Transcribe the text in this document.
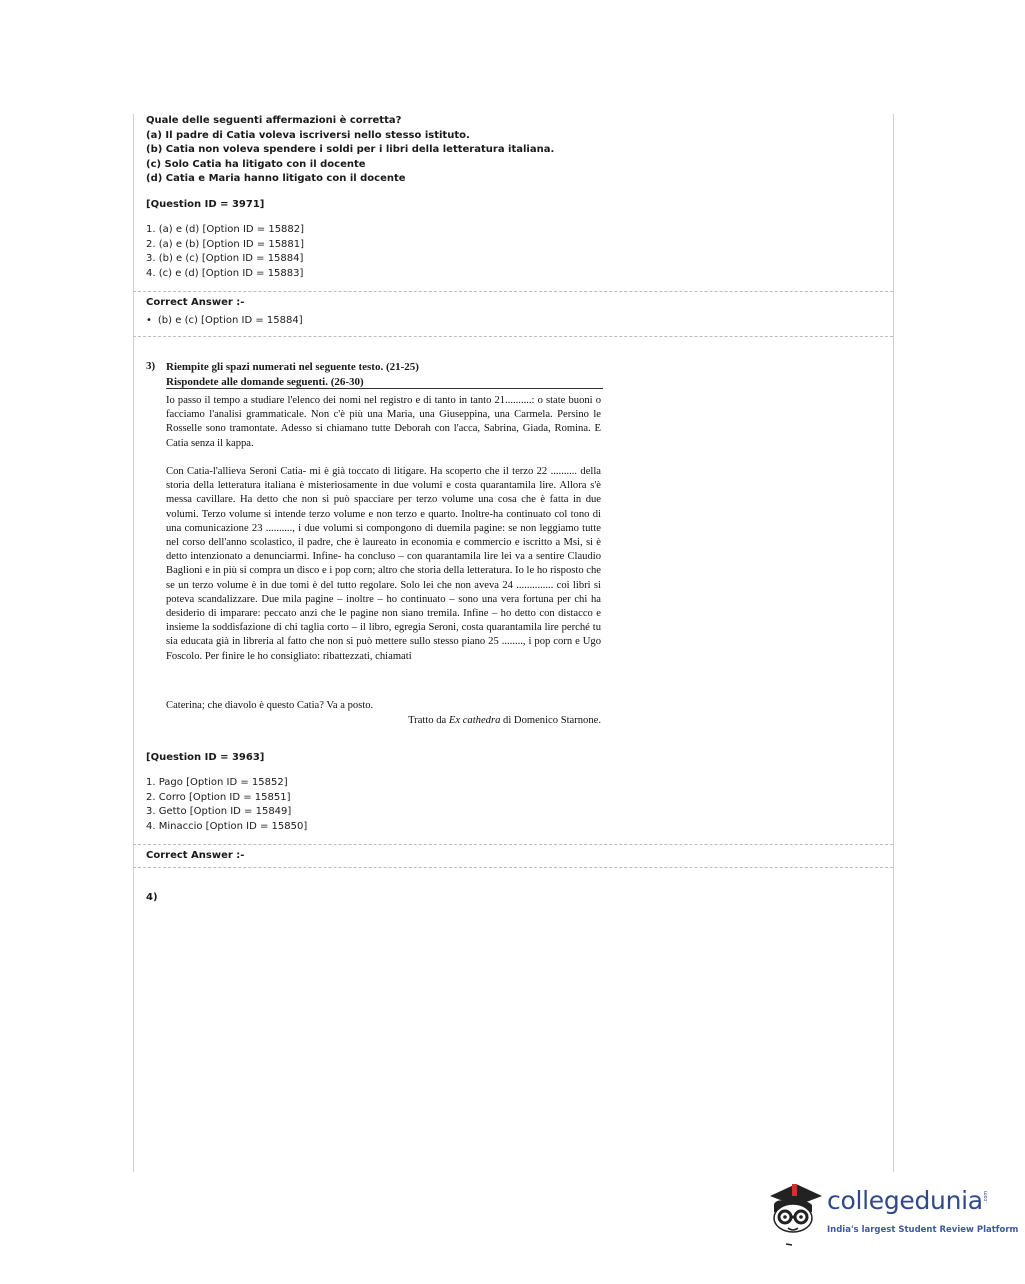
Quale delle seguenti affermazioni è corretta?
(a) Il padre di Catia voleva iscriversi nello stesso istituto.
(b) Catia non voleva spendere i soldi per i libri della letteratura italiana.
(c) Solo Catia ha litigato con il docente
(d) Catia e Maria hanno litigato con il docente
[Question ID = 3971]
1. (a) e (d) [Option ID = 15882]
2. (a) e (b) [Option ID = 15881]
3. (b) e (c) [Option ID = 15884]
4. (c) e (d) [Option ID = 15883]
Correct Answer :-
• (b) e (c) [Option ID = 15884]
3) Riempite gli spazi numerati nel seguente testo. (21-25)
Rispondete alle domande seguenti. (26-30)

Io passo il tempo a studiare l'elenco dei nomi nel registro e di tanto in tanto 21..........: o state buoni o facciamo l'analisi grammaticale. Non c'è più una Maria, una Giuseppina, una Carmela. Persino le Rosselle sono tramontate. Adesso si chiamano tutte Deborah con l'acca, Sabrina, Giada, Romina. E Catia senza il kappa.

Con Catia-l'allieva Seroni Catia- mi è già toccato di litigare. Ha scoperto che il terzo 22 .......... della storia della letteratura italiana è misteriosamente in due volumi e costa quarantamila lire. Allora s'è messa cavillare. Ha detto che non si può spacciare per terzo volume una cosa che è fatta in due volumi. Terzo volume si intende terzo volume e non terzo e quarto. Inoltre-ha continuato col tono di una comunicazione 23 .........., i due volumi si compongono di duemila pagine: se non leggiamo tutte nel corso dell'anno scolastico, il padre, che è laureato in economia e commercio e iscritto a Msi, si è detto intenzionato a denunciarmi. Infine- ha concluso – con quarantamila lire lei va a sentire Claudio Baglioni e in più si compra un disco e i pop corn; altro che storia della letteratura. Io le ho risposto che se un terzo volume è in due tomi è del tutto regolare. Solo lei che non aveva 24 .............. coi libri si poteva scandalizzare. Due mila pagine – inoltre – ho continuato – sono una vera fortuna per chi ha desiderio di imparare: peccato anzi che le pagine non siano tremila. Infine – ho detto con distacco e insieme la soddisfazione di chi taglia corto – il libro, egregia Seroni, costa quarantamila lire perché tu sia educata già in libreria al fatto che non si può mettere sullo stesso piano 25 ........, i pop corn e Ugo Foscolo. Per finire le ho consigliato: ribattezzati, chiamati

Caterina; che diavolo è questo Catia? Va a posto.

Tratto da Ex cathedra di Domenico Starnone.
[Question ID = 3963]
1. Pago [Option ID = 15852]
2. Corro [Option ID = 15851]
3. Getto [Option ID = 15849]
4. Minaccio [Option ID = 15850]
Correct Answer :-
4)
collegedunia .com
India's largest Student Review Platform
